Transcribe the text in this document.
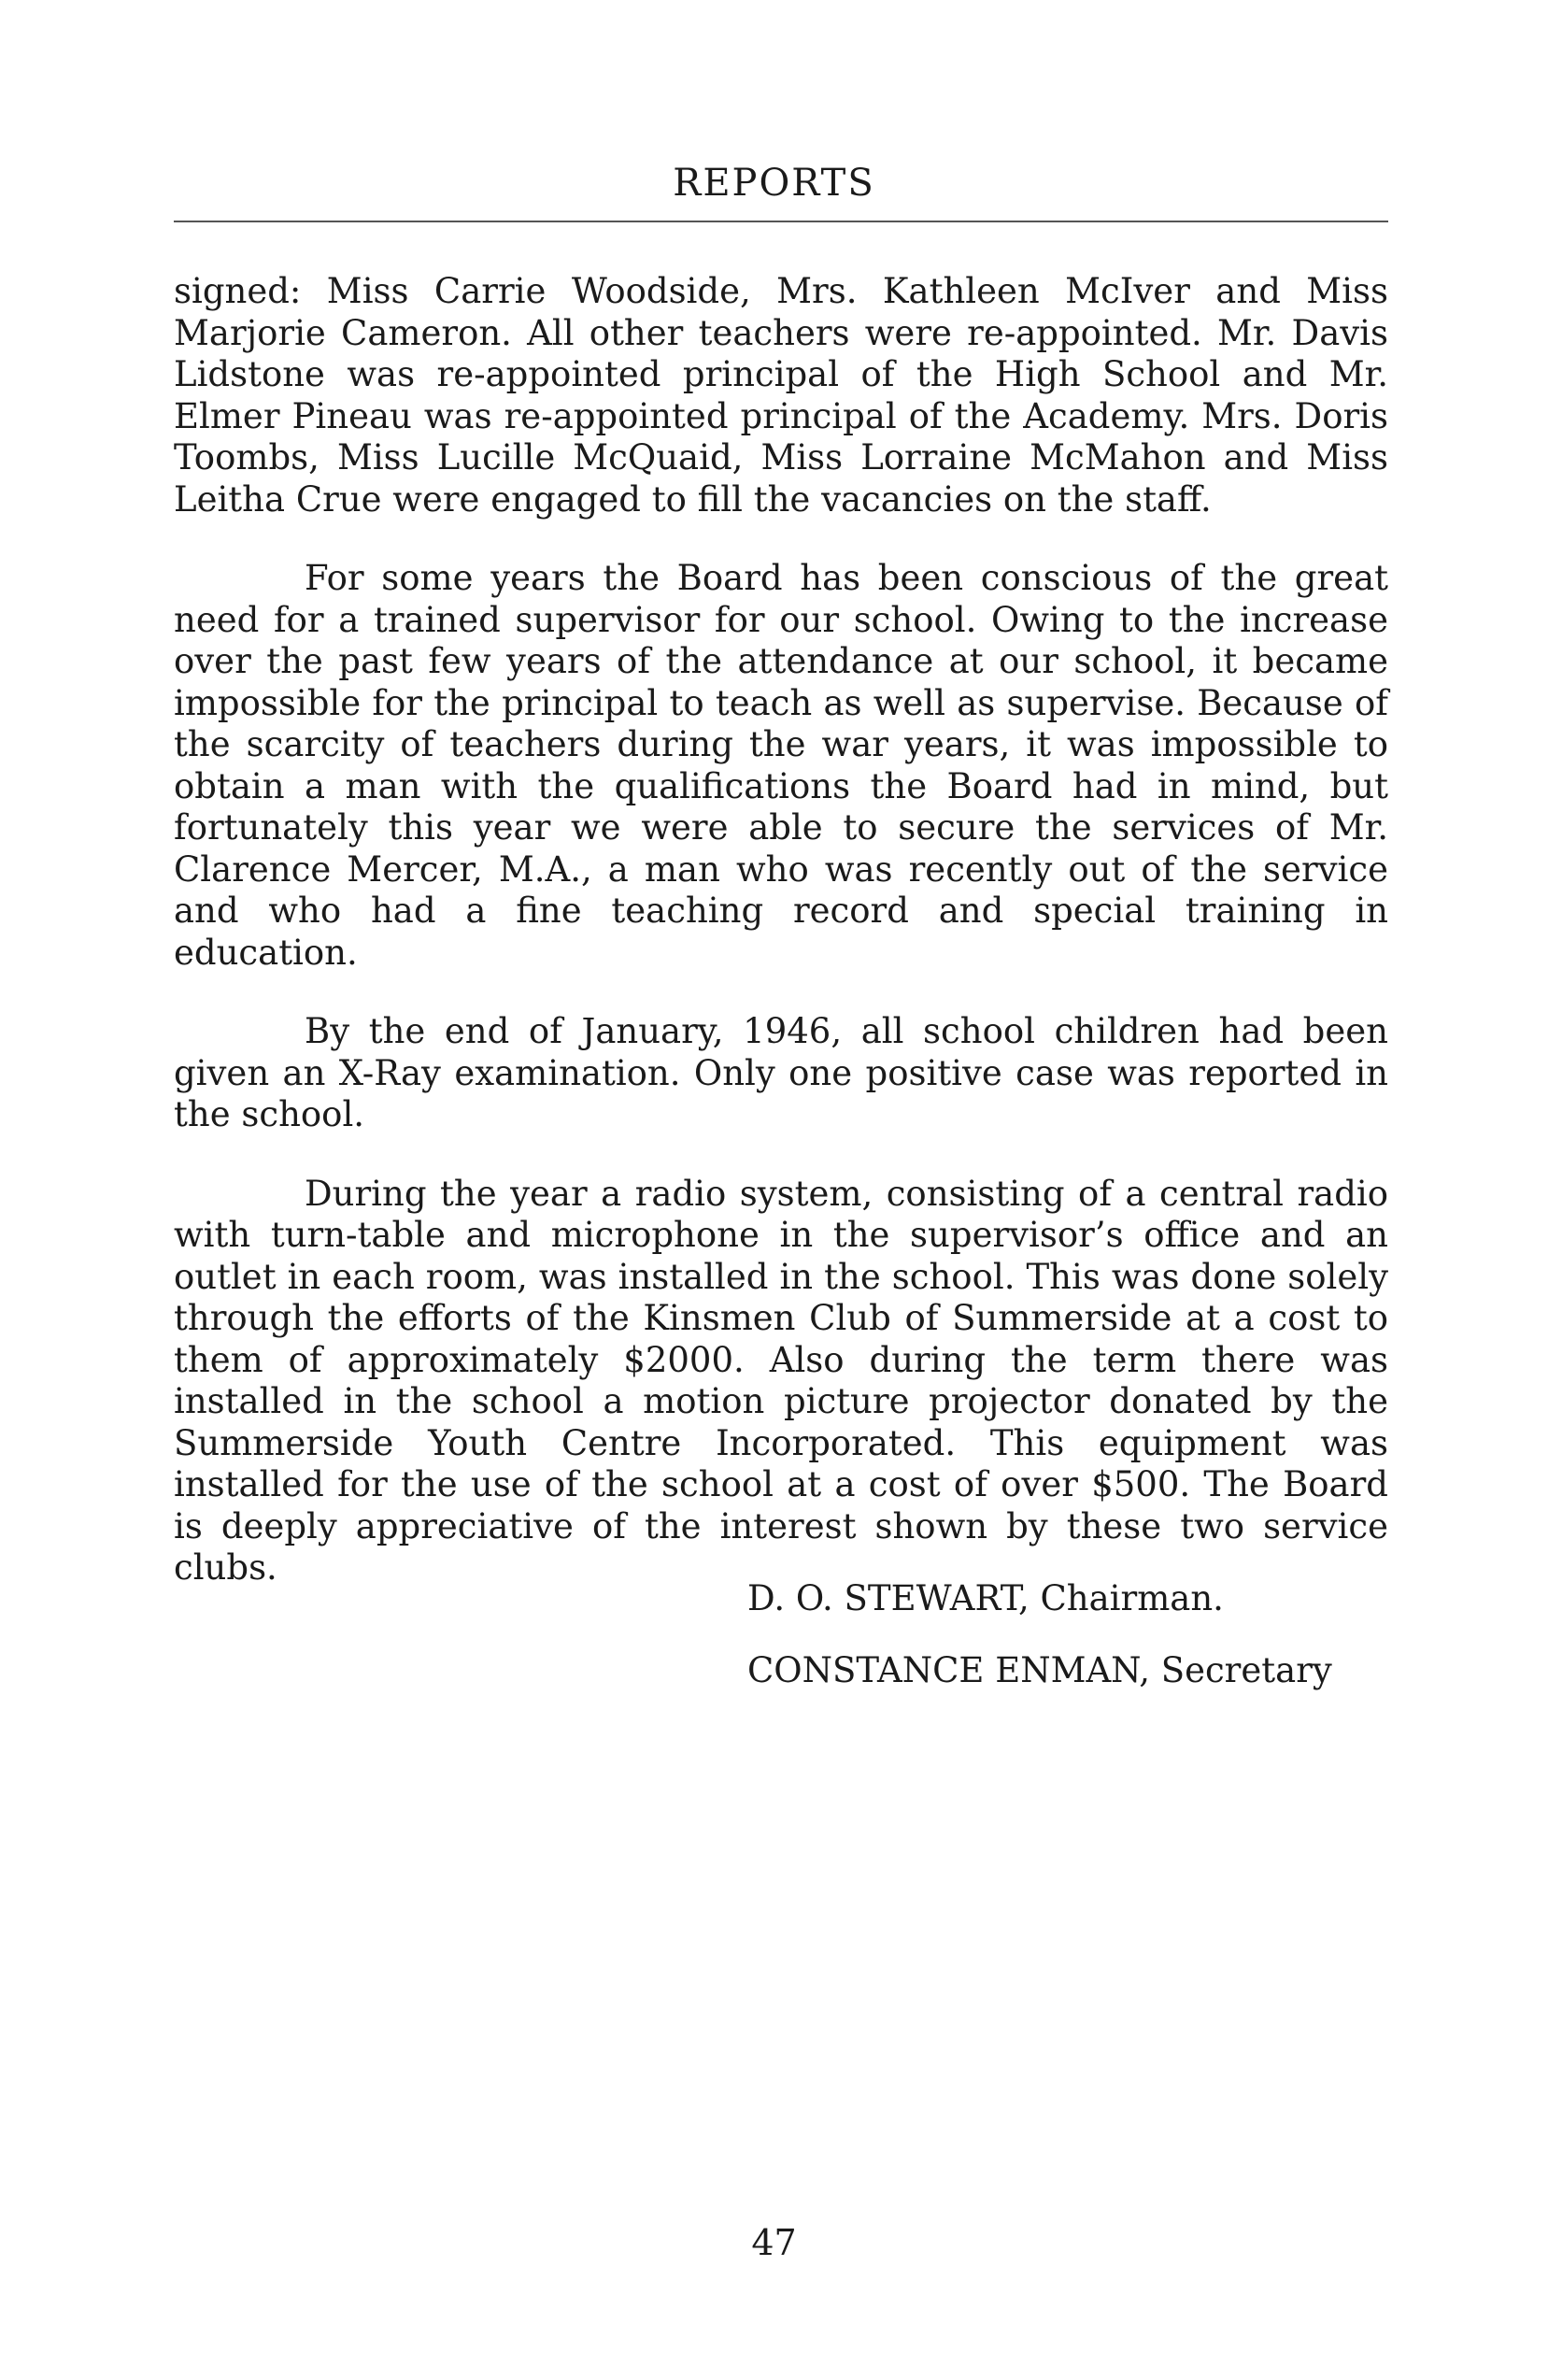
REPORTS

signed: Miss Carrie Woodside, Mrs. Kathleen McIver and Miss Marjorie Cameron. All other teachers were re-appointed. Mr. Davis Lidstone was re-appointed principal of the High School and Mr. Elmer Pineau was re-appointed principal of the Academy. Mrs. Doris Toombs, Miss Lucille McQuaid, Miss Lorraine McMahon and Miss Leitha Crue were engaged to fill the vacancies on the staff.

For some years the Board has been conscious of the great need for a trained supervisor for our school. Owing to the increase over the past few years of the attendance at our school, it became impossible for the principal to teach as well as supervise. Because of the scarcity of teachers during the war years, it was impossible to obtain a man with the qualifications the Board had in mind, but fortunately this year we were able to secure the services of Mr. Clarence Mercer, M.A., a man who was recently out of the service and who had a fine teaching record and special training in education.

By the end of January, 1946, all school children had been given an X-Ray examination. Only one positive case was reported in the school.

During the year a radio system, consisting of a central radio with turn-table and microphone in the supervisor’s office and an outlet in each room, was installed in the school. This was done solely through the efforts of the Kinsmen Club of Summerside at a cost to them of approximately $2000. Also during the term there was installed in the school a motion picture projector donated by the Summerside Youth Centre Incorporated. This equipment was installed for the use of the school at a cost of over $500. The Board is deeply appreciative of the interest shown by these two service clubs.

D. O. STEWART, Chairman.

CONSTANCE ENMAN, Secretary

47
